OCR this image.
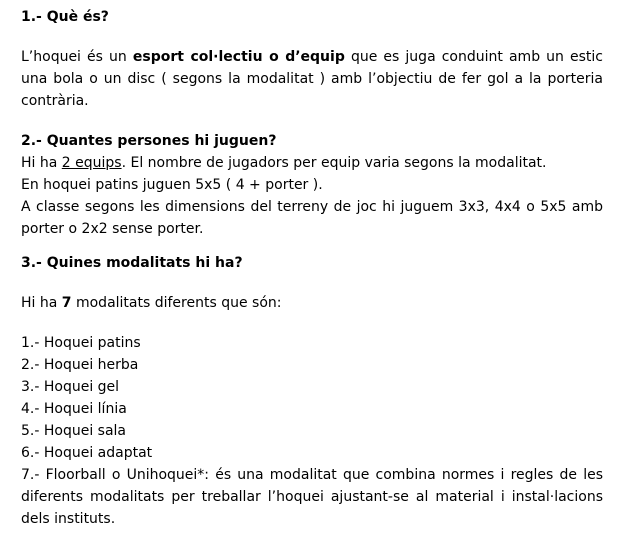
1.- Què és?

L’hoquei és un esport col·lectiu o d’equip que es juga conduint amb un estic una bola o un disc ( segons la modalitat ) amb l’objectiu de fer gol a la porteria contrària.

2.- Quantes persones hi juguen?

Hi ha 2 equips. El nombre de jugadors per equip varia segons la modalitat.

En hoquei patins juguen 5x5 ( 4 + porter ).

A classe segons les dimensions del terreny de joc hi juguem 3x3, 4x4 o 5x5 amb porter o 2x2 sense porter.

3.- Quines modalitats hi ha?

Hi ha 7 modalitats diferents que són:

1.- Hoquei patins
2.- Hoquei herba
3.- Hoquei gel
4.- Hoquei línia
5.- Hoquei sala
6.- Hoquei adaptat
7.- Floorball o Unihoquei*: és una modalitat que combina normes i regles de les diferents modalitats per treballar l’hoquei ajustant-se al material i instal·lacions dels instituts.
